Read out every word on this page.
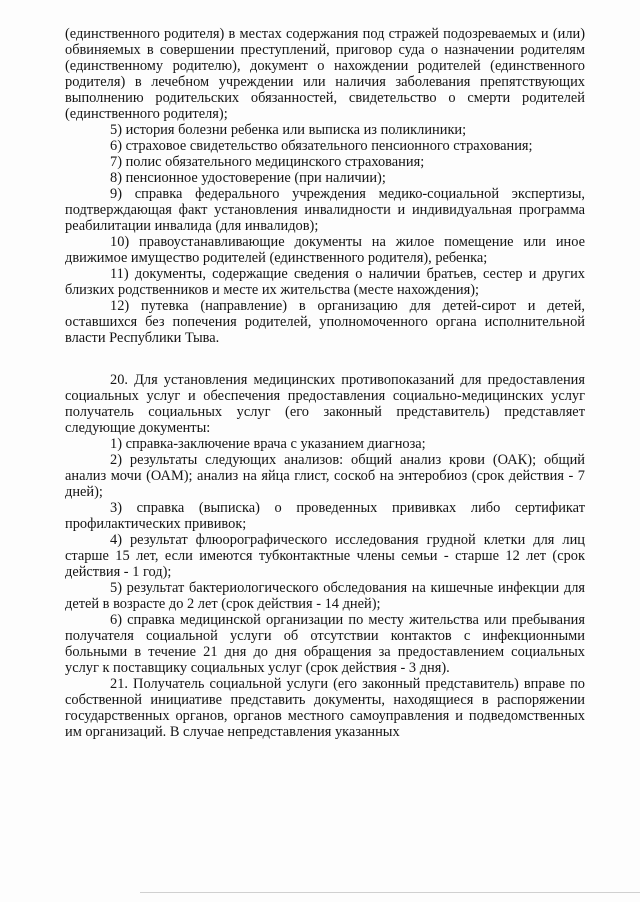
(единственного родителя) в местах содержания под стражей подозреваемых и (или) обвиняемых в совершении преступлений, приговор суда о назначении родителям (единственному родителю), документ о нахождении родителей (единственного родителя) в лечебном учреждении или наличия заболевания препятствующих выполнению родительских обязанностей, свидетельство о смерти родителей (единственного родителя);

5) история болезни ребенка или выписка из поликлиники;

6) страховое свидетельство обязательного пенсионного страхования;

7) полис обязательного медицинского страхования;

8) пенсионное удостоверение (при наличии);

9) справка федерального учреждения медико-социальной экспертизы, подтверждающая факт установления инвалидности и индивидуальная программа реабилитации инвалида (для инвалидов);

10) правоустанавливающие документы на жилое помещение или иное движимое имущество родителей (единственного родителя), ребенка;

11) документы, содержащие сведения о наличии братьев, сестер и других близких родственников и месте их жительства (месте нахождения);

12) путевка (направление) в организацию для детей-сирот и детей, оставшихся без попечения родителей, уполномоченного органа исполнительной власти Республики Тыва.

20. Для установления медицинских противопоказаний для предоставления социальных услуг и обеспечения предоставления социально-медицинских услуг получатель социальных услуг (его законный представитель) представляет следующие документы:

1) справка-заключение врача с указанием диагноза;

2) результаты следующих анализов: общий анализ крови (ОАК); общий анализ мочи (ОАМ); анализ на яйца глист, соскоб на энтеробиоз (срок действия - 7 дней);

3) справка (выписка) о проведенных прививках либо сертификат профилактических прививок;

4) результат флюорографического исследования грудной клетки для лиц старше 15 лет, если имеются тубконтактные члены семьи - старше 12 лет (срок действия - 1 год);

5) результат бактериологического обследования на кишечные инфекции для детей в возрасте до 2 лет (срок действия - 14 дней);

6) справка медицинской организации по месту жительства или пребывания получателя социальной услуги об отсутствии контактов с инфекционными больными в течение 21 дня до дня обращения за предоставлением социальных услуг к поставщику социальных услуг (срок действия - 3 дня).

21. Получатель социальной услуги (его законный представитель) вправе по собственной инициативе представить документы, находящиеся в распоряжении государственных органов, органов местного самоуправления и подведомственных им организаций. В случае непредставления указанных
